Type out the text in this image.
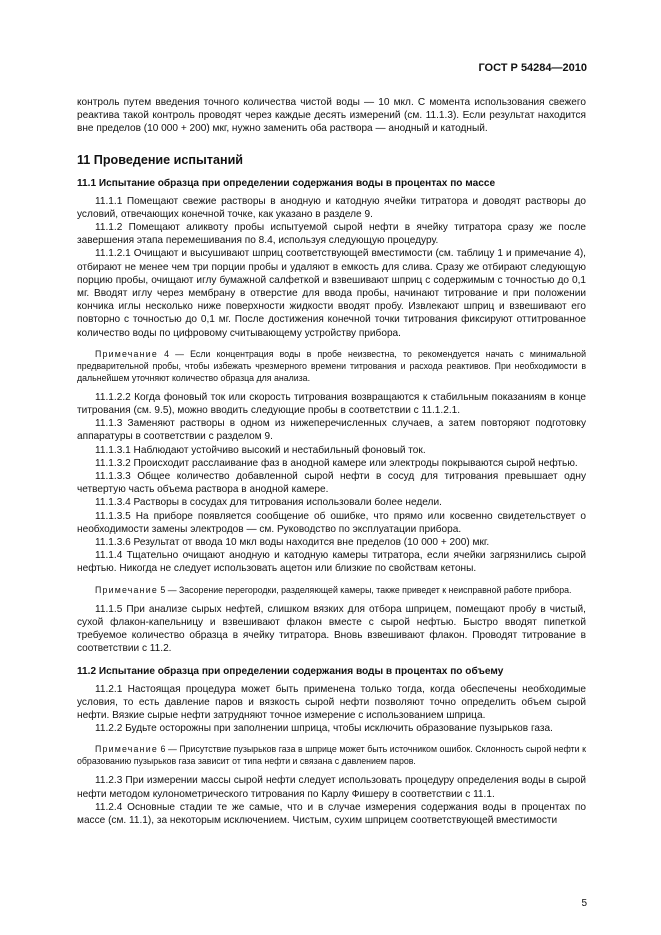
ГОСТ Р 54284—2010

контроль путем введения точного количества чистой воды — 10 мкл. С момента использования свежего реактива такой контроль проводят через каждые десять измерений (см. 11.1.3). Если результат находится вне пределов (10 000 + 200) мкг, нужно заменить оба раствора — анодный и катодный.

11 Проведение испытаний
11.1 Испытание образца при определении содержания воды в процентах по массе

11.1.1 Помещают свежие растворы в анодную и катодную ячейки титратора и доводят растворы до условий, отвечающих конечной точке, как указано в разделе 9.

11.1.2 Помещают аликвоту пробы испытуемой сырой нефти в ячейку титратора сразу же после завершения этапа перемешивания по 8.4, используя следующую процедуру.

11.1.2.1 Очищают и высушивают шприц соответствующей вместимости (см. таблицу 1 и примечание 4), отбирают не менее чем три порции пробы и удаляют в емкость для слива. Сразу же отбирают следующую порцию пробы, очищают иглу бумажной салфеткой и взвешивают шприц с содержимым с точностью до 0,1 мг. Вводят иглу через мембрану в отверстие для ввода пробы, начинают титрование и при положении кончика иглы несколько ниже поверхности жидкости вводят пробу. Извлекают шприц и взвешивают его повторно с точностью до 0,1 мг. После достижения конечной точки титрования фиксируют оттитрованное количество воды по цифровому считывающему устройству прибора.

Примечание 4 — Если концентрация воды в пробе неизвестна, то рекомендуется начать с минимальной предварительной пробы, чтобы избежать чрезмерного времени титрования и расхода реактивов. При необходимости в дальнейшем уточняют количество образца для анализа.

11.1.2.2 Когда фоновый ток или скорость титрования возвращаются к стабильным показаниям в конце титрования (см. 9.5), можно вводить следующие пробы в соответствии с 11.1.2.1.

11.1.3 Заменяют растворы в одном из нижеперечисленных случаев, а затем повторяют подготовку аппаратуры в соответствии с разделом 9.

11.1.3.1 Наблюдают устойчиво высокий и нестабильный фоновый ток.

11.1.3.2 Происходит расслаивание фаз в анодной камере или электроды покрываются сырой нефтью.

11.1.3.3 Общее количество добавленной сырой нефти в сосуд для титрования превышает одну четвертую часть объема раствора в анодной камере.

11.1.3.4 Растворы в сосудах для титрования использовали более недели.

11.1.3.5 На приборе появляется сообщение об ошибке, что прямо или косвенно свидетельствует о необходимости замены электродов — см. Руководство по эксплуатации прибора.

11.1.3.6 Результат от ввода 10 мкл воды находится вне пределов (10 000 + 200) мкг.

11.1.4 Тщательно очищают анодную и катодную камеры титратора, если ячейки загрязнились сырой нефтью. Никогда не следует использовать ацетон или близкие по свойствам кетоны.

Примечание 5 — Засорение перегородки, разделяющей камеры, также приведет к неисправной работе прибора.

11.1.5 При анализе сырых нефтей, слишком вязких для отбора шприцем, помещают пробу в чистый, сухой флакон-капельницу и взвешивают флакон вместе с сырой нефтью. Быстро вводят пипеткой требуемое количество образца в ячейку титратора. Вновь взвешивают флакон. Проводят титрование в соответствии с 11.2.

11.2 Испытание образца при определении содержания воды в процентах по объему

11.2.1 Настоящая процедура может быть применена только тогда, когда обеспечены необходимые условия, то есть давление паров и вязкость сырой нефти позволяют точно определить объем сырой нефти. Вязкие сырые нефти затрудняют точное измерение с использованием шприца.

11.2.2 Будьте осторожны при заполнении шприца, чтобы исключить образование пузырьков газа.

Примечание 6 — Присутствие пузырьков газа в шприце может быть источником ошибок. Склонность сырой нефти к образованию пузырьков газа зависит от типа нефти и связана с давлением паров.

11.2.3 При измерении массы сырой нефти следует использовать процедуру определения воды в сырой нефти методом кулонометрического титрования по Карлу Фишеру в соответствии с 11.1.

11.2.4 Основные стадии те же самые, что и в случае измерения содержания воды в процентах по массе (см. 11.1), за некоторым исключением. Чистым, сухим шприцем соответствующей вместимости

5
